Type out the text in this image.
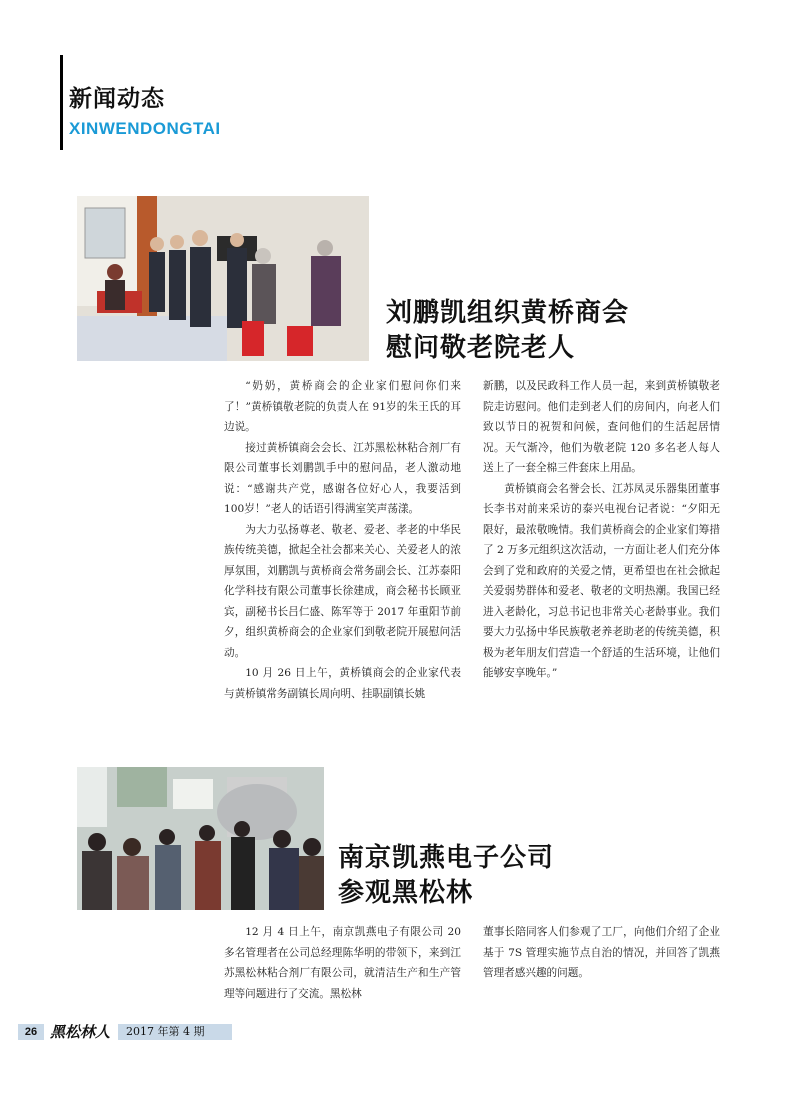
新闻动态
XINWENDONGTAI
刘鹏凯组织黄桥商会
慰问敬老院老人

“奶奶，黄桥商会的企业家们慰问你们来了！”黄桥镇敬老院的负责人在 91岁的朱王氏的耳边说。

接过黄桥镇商会会长、江苏黑松林粘合剂厂有限公司董事长刘鹏凯手中的慰问品，老人激动地说：“感谢共产党，感谢各位好心人，我要活到 100岁！”老人的话语引得满室笑声荡漾。

为大力弘扬尊老、敬老、爱老、孝老的中华民族传统美德，掀起全社会都来关心、关爱老人的浓厚氛围，刘鹏凯与黄桥商会常务副会长、江苏泰阳化学科技有限公司董事长徐建成，商会秘书长顾亚宾，副秘书长吕仁盛、陈军等于 2017 年重阳节前夕，组织黄桥商会的企业家们到敬老院开展慰问活动。

10 月 26 日上午，黄桥镇商会的企业家代表与黄桥镇常务副镇长周向明、挂职副镇长姚

新鹏，以及民政科工作人员一起，来到黄桥镇敬老院走访慰问。他们走到老人们的房间内，向老人们致以节日的祝贺和问候，查问他们的生活起居情况。天气渐冷，他们为敬老院 120 多名老人每人送上了一套全棉三件套床上用品。

黄桥镇商会名誉会长、江苏凤灵乐器集团董事长李书对前来采访的泰兴电视台记者说：“夕阳无限好，最浓敬晚情。我们黄桥商会的企业家们筹措了 2 万多元组织这次活动，一方面让老人们充分体会到了党和政府的关爱之情，更希望也在社会掀起关爱弱势群体和爱老、敬老的文明热潮。我国已经进入老龄化，习总书记也非常关心老龄事业。我们要大力弘扬中华民族敬老养老助老的传统美德，积极为老年朋友们营造一个舒适的生活环境，让他们能够安享晚年。”

南京凯燕电子公司
参观黑松林

12 月 4 日上午，南京凯燕电子有限公司 20 多名管理者在公司总经理陈华明的带领下，来到江苏黑松林粘合剂厂有限公司，就清洁生产和生产管理等问题进行了交流。黑松林

董事长陪同客人们参观了工厂，向他们介绍了企业基于 7S 管理实施节点自治的情况，并回答了凯燕管理者感兴趣的问题。

26 黑松林人 2017 年第 4 期
